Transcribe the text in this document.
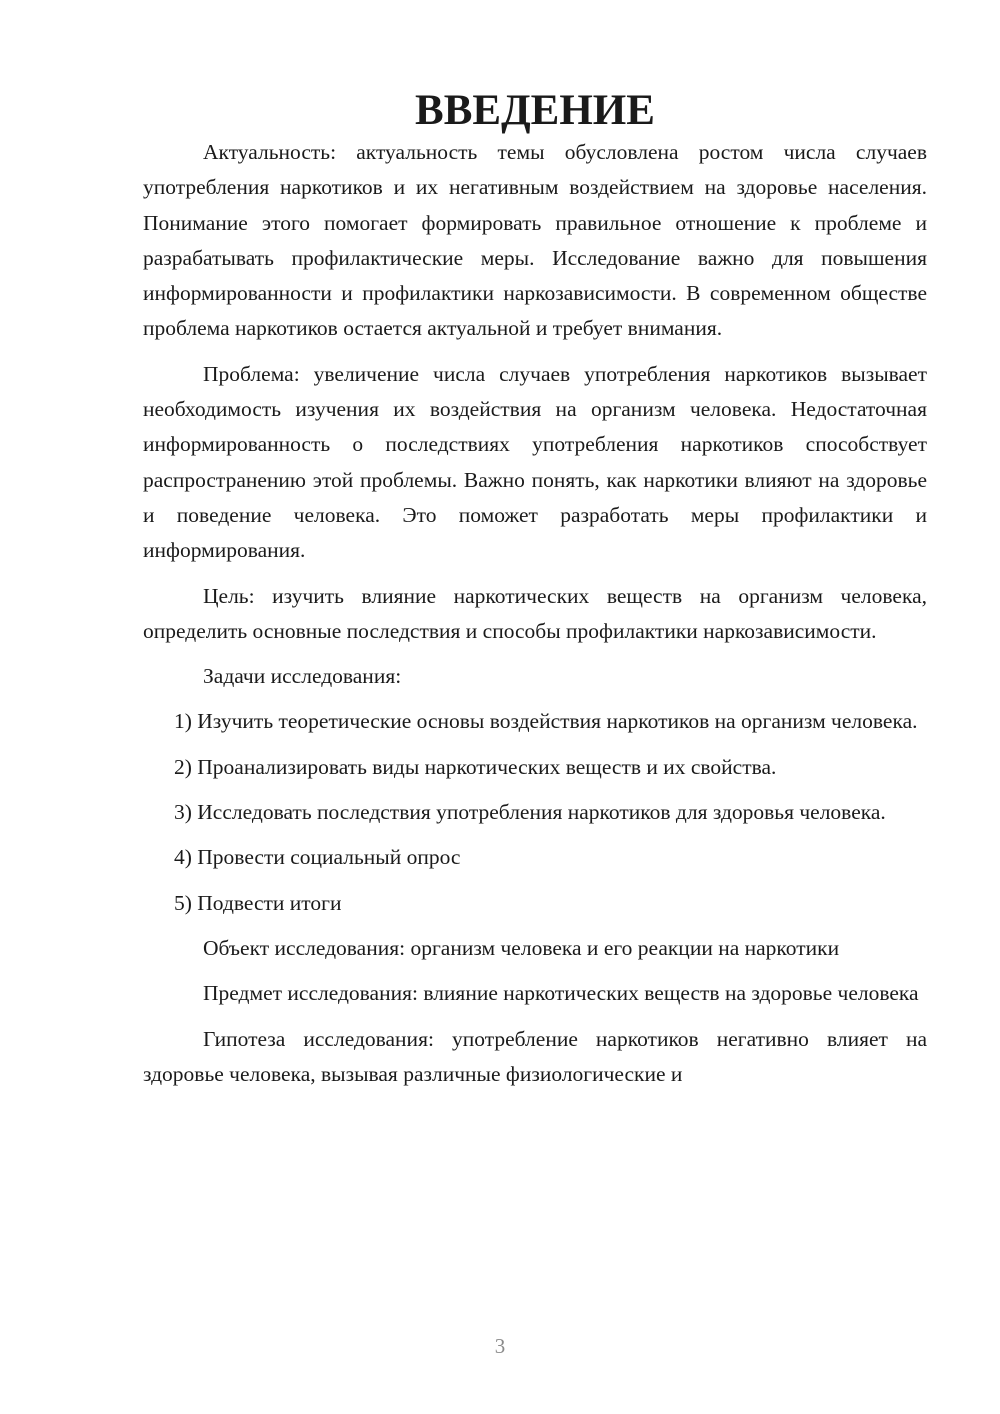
ВВЕДЕНИЕ

Актуальность: актуальность темы обусловлена ростом числа случаев употребления наркотиков и их негативным воздействием на здоровье населения. Понимание этого помогает формировать правильное отношение к проблеме и разрабатывать профилактические меры. Исследование важно для повышения информированности и профилактики наркозависимости. В современном обществе проблема наркотиков остается актуальной и требует внимания.

Проблема: увеличение числа случаев употребления наркотиков вызывает необходимость изучения их воздействия на организм человека. Недостаточная информированность о последствиях употребления наркотиков способствует распространению этой проблемы. Важно понять, как наркотики влияют на здоровье и поведение человека. Это поможет разработать меры профилактики и информирования.

Цель: изучить влияние наркотических веществ на организм человека, определить основные последствия и способы профилактики наркозависимости.

Задачи исследования:

1) Изучить теоретические основы воздействия наркотиков на организм человека.

2) Проанализировать виды наркотических веществ и их свойства.

3) Исследовать последствия употребления наркотиков для здоровья человека.

4) Провести социальный опрос

5) Подвести итоги

Объект исследования: организм человека и его реакции на наркотики

Предмет исследования: влияние наркотических веществ на здоровье человека

Гипотеза исследования: употребление наркотиков негативно влияет на здоровье человека, вызывая различные физиологические и

3
